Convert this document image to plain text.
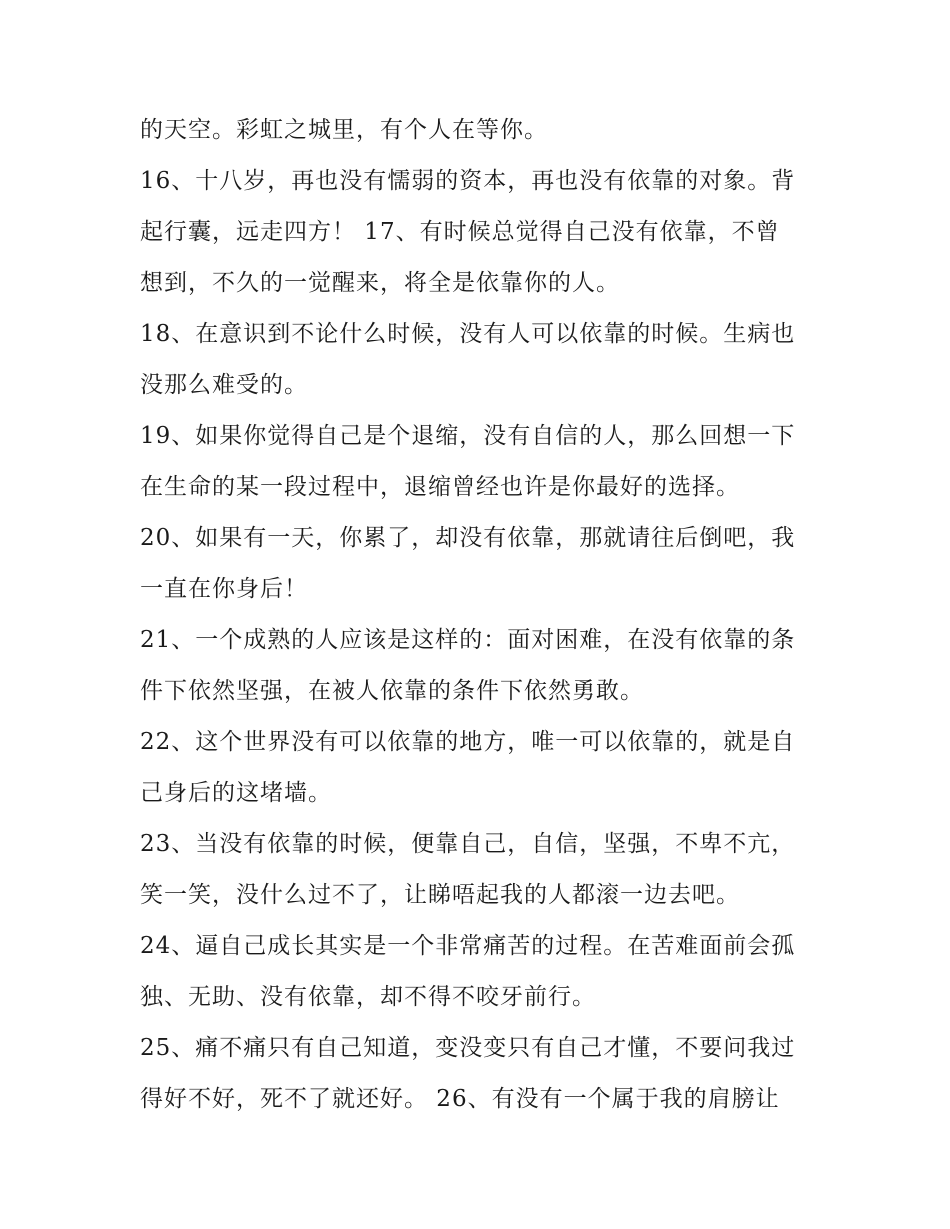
的天空。彩虹之城里，有个人在等你。
16、十八岁，再也没有懦弱的资本，再也没有依靠的对象。背
起行囊，远走四方！ 17、有时候总觉得自己没有依靠，不曾
想到，不久的一觉醒来，将全是依靠你的人。
18、在意识到不论什么时候，没有人可以依靠的时候。生病也
没那么难受的。
19、如果你觉得自己是个退缩，没有自信的人，那么回想一下
在生命的某一段过程中，退缩曾经也许是你最好的选择。
20、如果有一天，你累了，却没有依靠，那就请往后倒吧，我
一直在你身后！
21、一个成熟的人应该是这样的：面对困难，在没有依靠的条
件下依然坚强，在被人依靠的条件下依然勇敢。
22、这个世界没有可以依靠的地方，唯一可以依靠的，就是自
己身后的这堵墙。
23、当没有依靠的时候，便靠自己，自信，坚强，不卑不亢，
笑一笑，没什么过不了，让睇唔起我的人都滚一边去吧。
24、逼自己成长其实是一个非常痛苦的过程。在苦难面前会孤
独、无助、没有依靠，却不得不咬牙前行。
25、痛不痛只有自己知道，变没变只有自己才懂，不要问我过
得好不好，死不了就还好。 26、有没有一个属于我的肩膀让
